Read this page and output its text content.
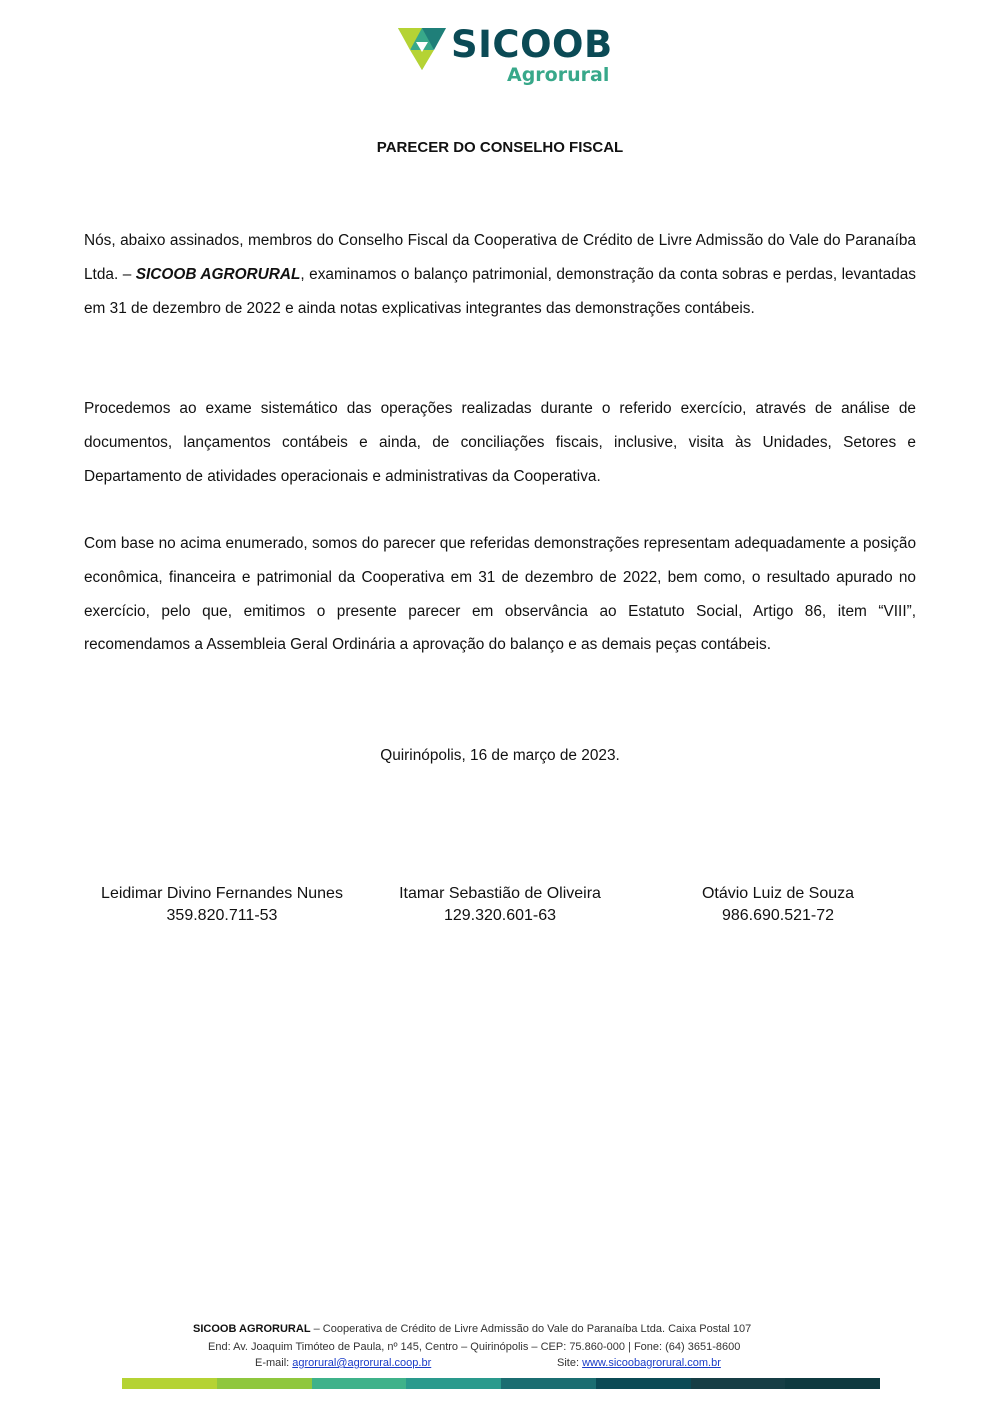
SICOOB
Agrorural
PARECER DO CONSELHO FISCAL

Nós, abaixo assinados, membros do Conselho Fiscal da Cooperativa de Crédito de Livre Admissão do Vale do Paranaíba Ltda. – SICOOB AGRORURAL, examinamos o balanço patrimonial, demonstração da conta sobras e perdas, levantadas em 31 de dezembro de 2022 e ainda notas explicativas integrantes das demonstrações contábeis.

Procedemos ao exame sistemático das operações realizadas durante o referido exercício, através de análise de documentos, lançamentos contábeis e ainda, de conciliações fiscais, inclusive, visita às Unidades, Setores e Departamento de atividades operacionais e administrativas da Cooperativa.

Com base no acima enumerado, somos do parecer que referidas demonstrações representam adequadamente a posição econômica, financeira e patrimonial da Cooperativa em 31 de dezembro de 2022, bem como, o resultado apurado no exercício, pelo que, emitimos o presente parecer em observância ao Estatuto Social, Artigo 86, item “VIII”, recomendamos a Assembleia Geral Ordinária a aprovação do balanço e as demais peças contábeis.

Quirinópolis, 16 de março de 2023.
Leidimar Divino Fernandes Nunes
359.820.711-53
Itamar Sebastião de Oliveira
129.320.601-63
Otávio Luiz de Souza
986.690.521-72
SICOOB AGRORURAL – Cooperativa de Crédito de Livre Admissão do Vale do Paranaíba Ltda. Caixa Postal 107
End: Av. Joaquim Timóteo de Paula, nº 145, Centro – Quirinópolis – CEP: 75.860-000 | Fone: (64) 3651-8600
E-mail: agrorural@agrorural.coop.br	Site: www.sicoobagrorural.com.br
